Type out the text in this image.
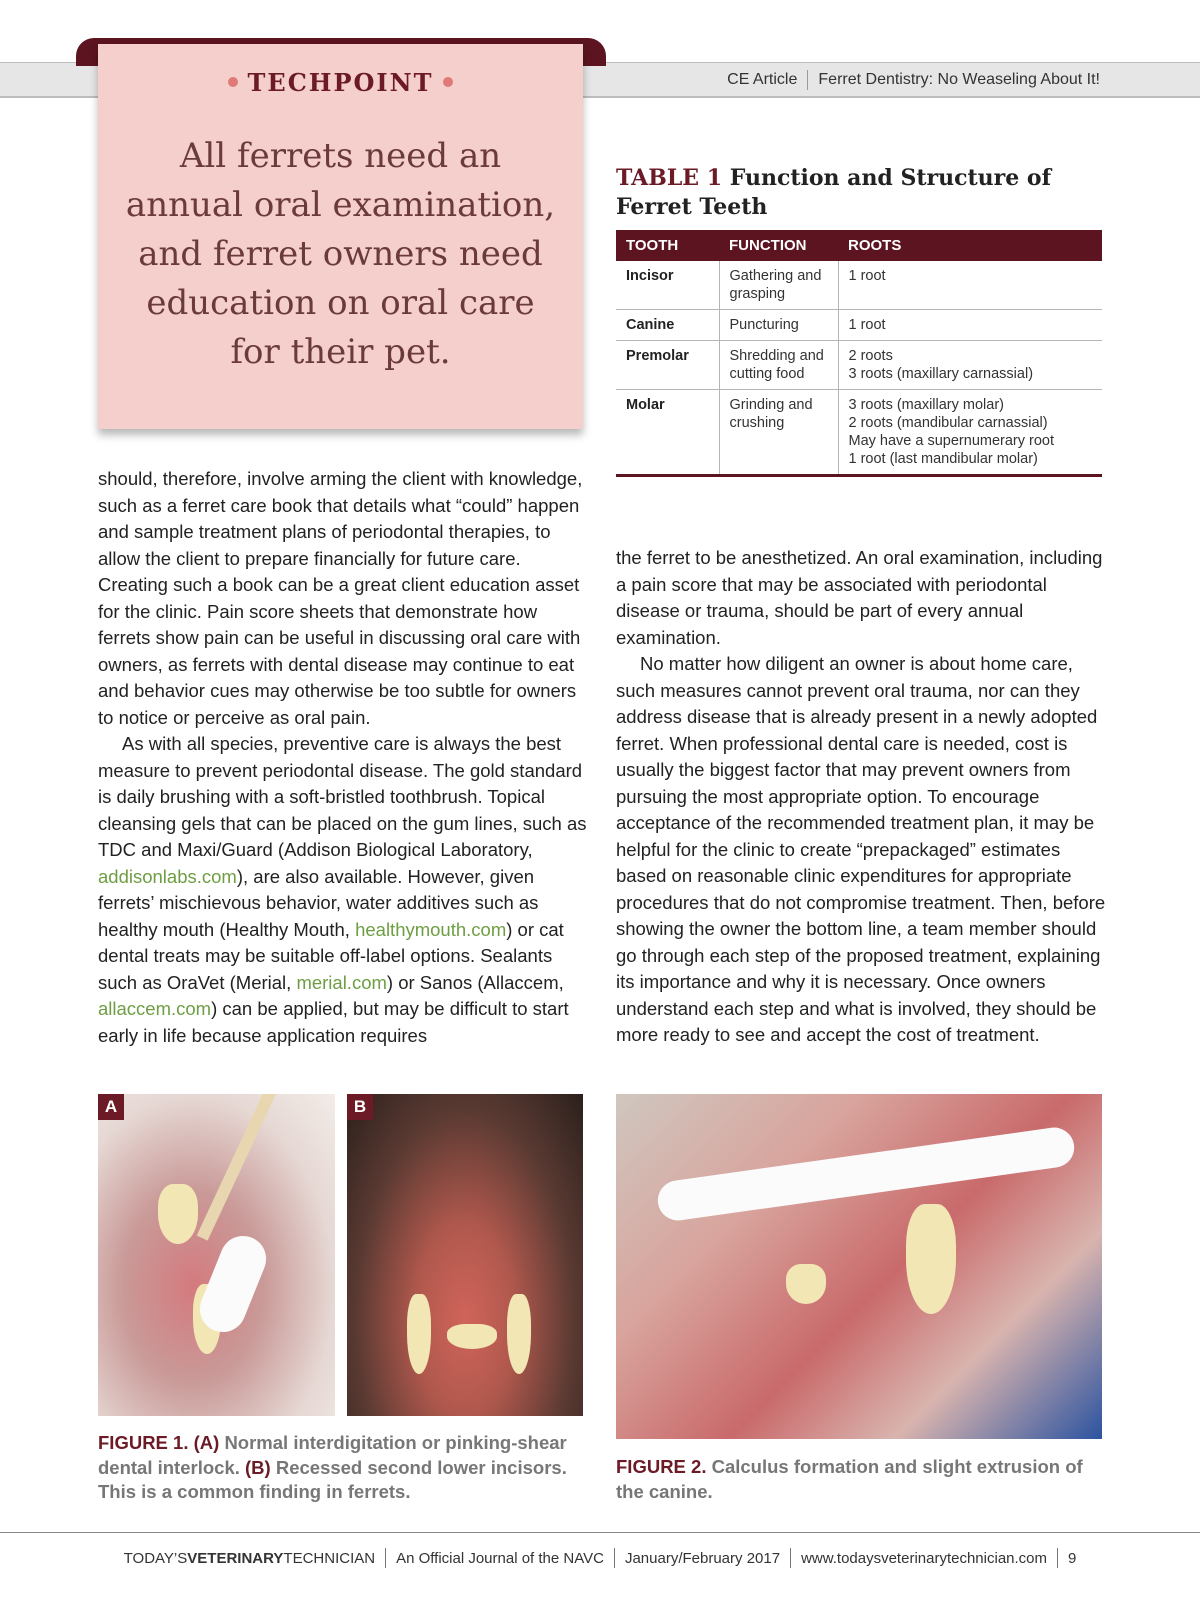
CE Article Ferret Dentistry: No Weaseling About It!
TECHPOINT
All ferrets need an annual oral examination, and ferret owners need education on oral care for their pet.
TABLE 1 Function and Structure of Ferret Teeth
TOOTH	FUNCTION	ROOTS
Incisor	Gathering and grasping	1 root

Canine	Puncturing	1 root

Premolar	Shredding and cutting food	2 roots
3 roots (maxillary carnassial)

Molar	Grinding and crushing	3 roots (maxillary molar)
2 roots (mandibular carnassial)
May have a supernumerary root
1 root (last mandibular molar)

should, therefore, involve arming the client with knowledge, such as a ferret care book that details what “could” happen and sample treatment plans of periodontal therapies, to allow the client to prepare financially for future care. Creating such a book can be a great client education asset for the clinic. Pain score sheets that demonstrate how ferrets show pain can be useful in discussing oral care with owners, as ferrets with dental disease may continue to eat and behavior cues may otherwise be too subtle for owners to notice or perceive as oral pain.

As with all species, preventive care is always the best measure to prevent periodontal disease. The gold standard is daily brushing with a soft-bristled toothbrush. Topical cleansing gels that can be placed on the gum lines, such as TDC and Maxi/Guard (Addison Biological Laboratory, addisonlabs.com), are also available. However, given ferrets’ mischievous behavior, water additives such as healthy mouth (Healthy Mouth, healthymouth.com) or cat dental treats may be suitable off-label options. Sealants such as OraVet (Merial, merial.com) or Sanos (Allaccem, allaccem.com) can be applied, but may be difficult to start early in life because application requires

the ferret to be anesthetized. An oral examination, including a pain score that may be associated with periodontal disease or trauma, should be part of every annual examination.

No matter how diligent an owner is about home care, such measures cannot prevent oral trauma, nor can they address disease that is already present in a newly adopted ferret. When professional dental care is needed, cost is usually the biggest factor that may prevent owners from pursuing the most appropriate option. To encourage acceptance of the recommended treatment plan, it may be helpful for the clinic to create “prepackaged” estimates based on reasonable clinic expenditures for appropriate procedures that do not compromise treatment. Then, before showing the owner the bottom line, a team member should go through each step of the proposed treatment, explaining its importance and why it is necessary. Once owners understand each step and what is involved, they should be more ready to see and accept the cost of treatment.

A	B
FIGURE 1. (A) Normal interdigitation or pinking-shear dental interlock. (B) Recessed second lower incisors. This is a common finding in ferrets.
FIGURE 2. Calculus formation and slight extrusion of the canine.
TODAY’SVETERINARYTECHNICIAN An Official Journal of the NAVC January/February 2017 www.todaysveterinarytechnician.com 9
